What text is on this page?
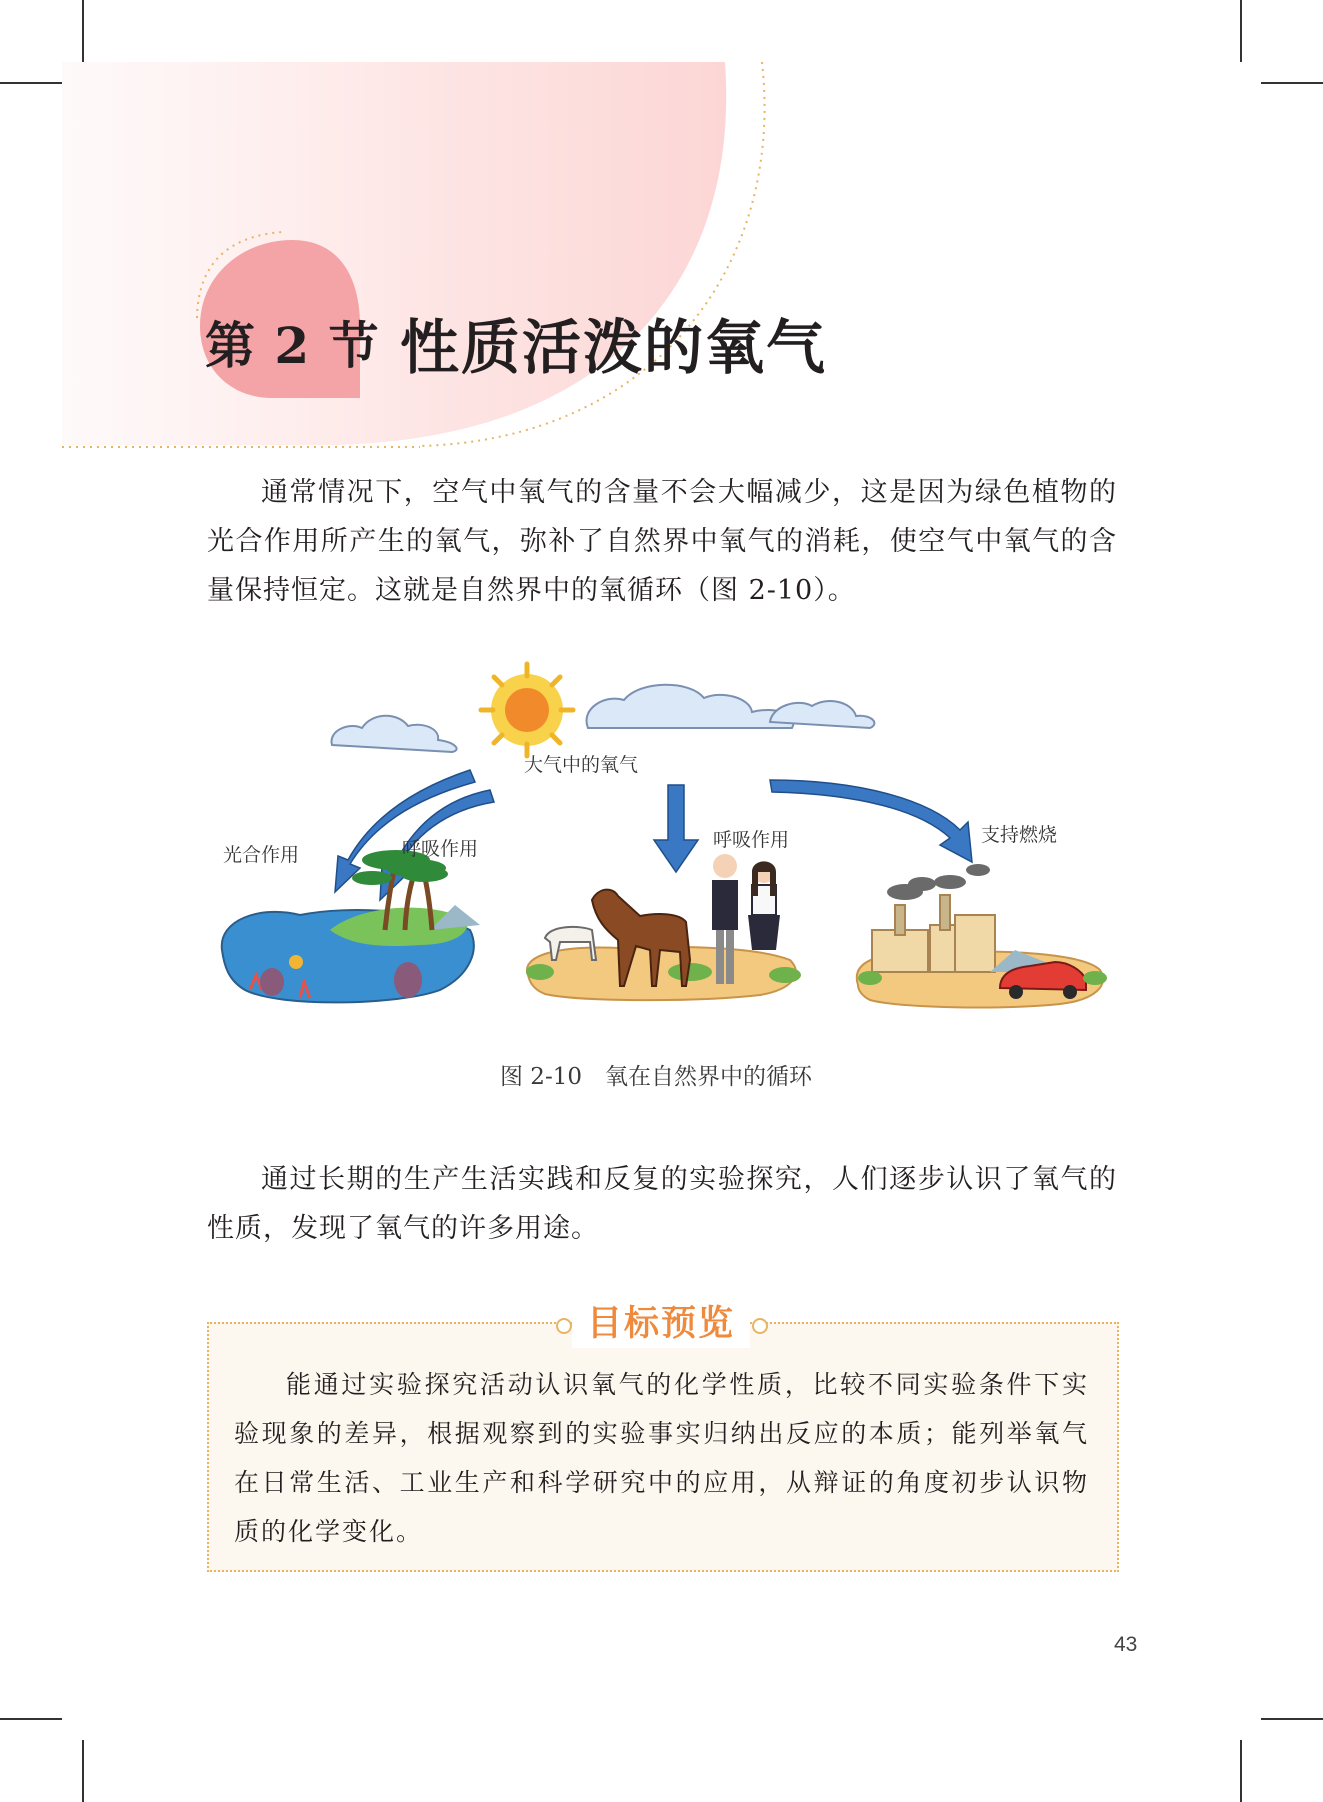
第 2 节 性质活泼的氧气

通常情况下，空气中氧气的含量不会大幅减少，这是因为绿色植物的光合作用所产生的氧气，弥补了自然界中氧气的消耗，使空气中氧气的含量保持恒定。这就是自然界中的氧循环（图 2-10）。

大气中的氧气
光合作用	呼吸作用	呼吸作用	支持燃烧
图 2-10　氧在自然界中的循环

通过长期的生产生活实践和反复的实验探究，人们逐步认识了氧气的性质，发现了氧气的许多用途。

目标预览

能通过实验探究活动认识氧气的化学性质，比较不同实验条件下实验现象的差异，根据观察到的实验事实归纳出反应的本质；能列举氧气在日常生活、工业生产和科学研究中的应用，从辩证的角度初步认识物质的化学变化。

43
